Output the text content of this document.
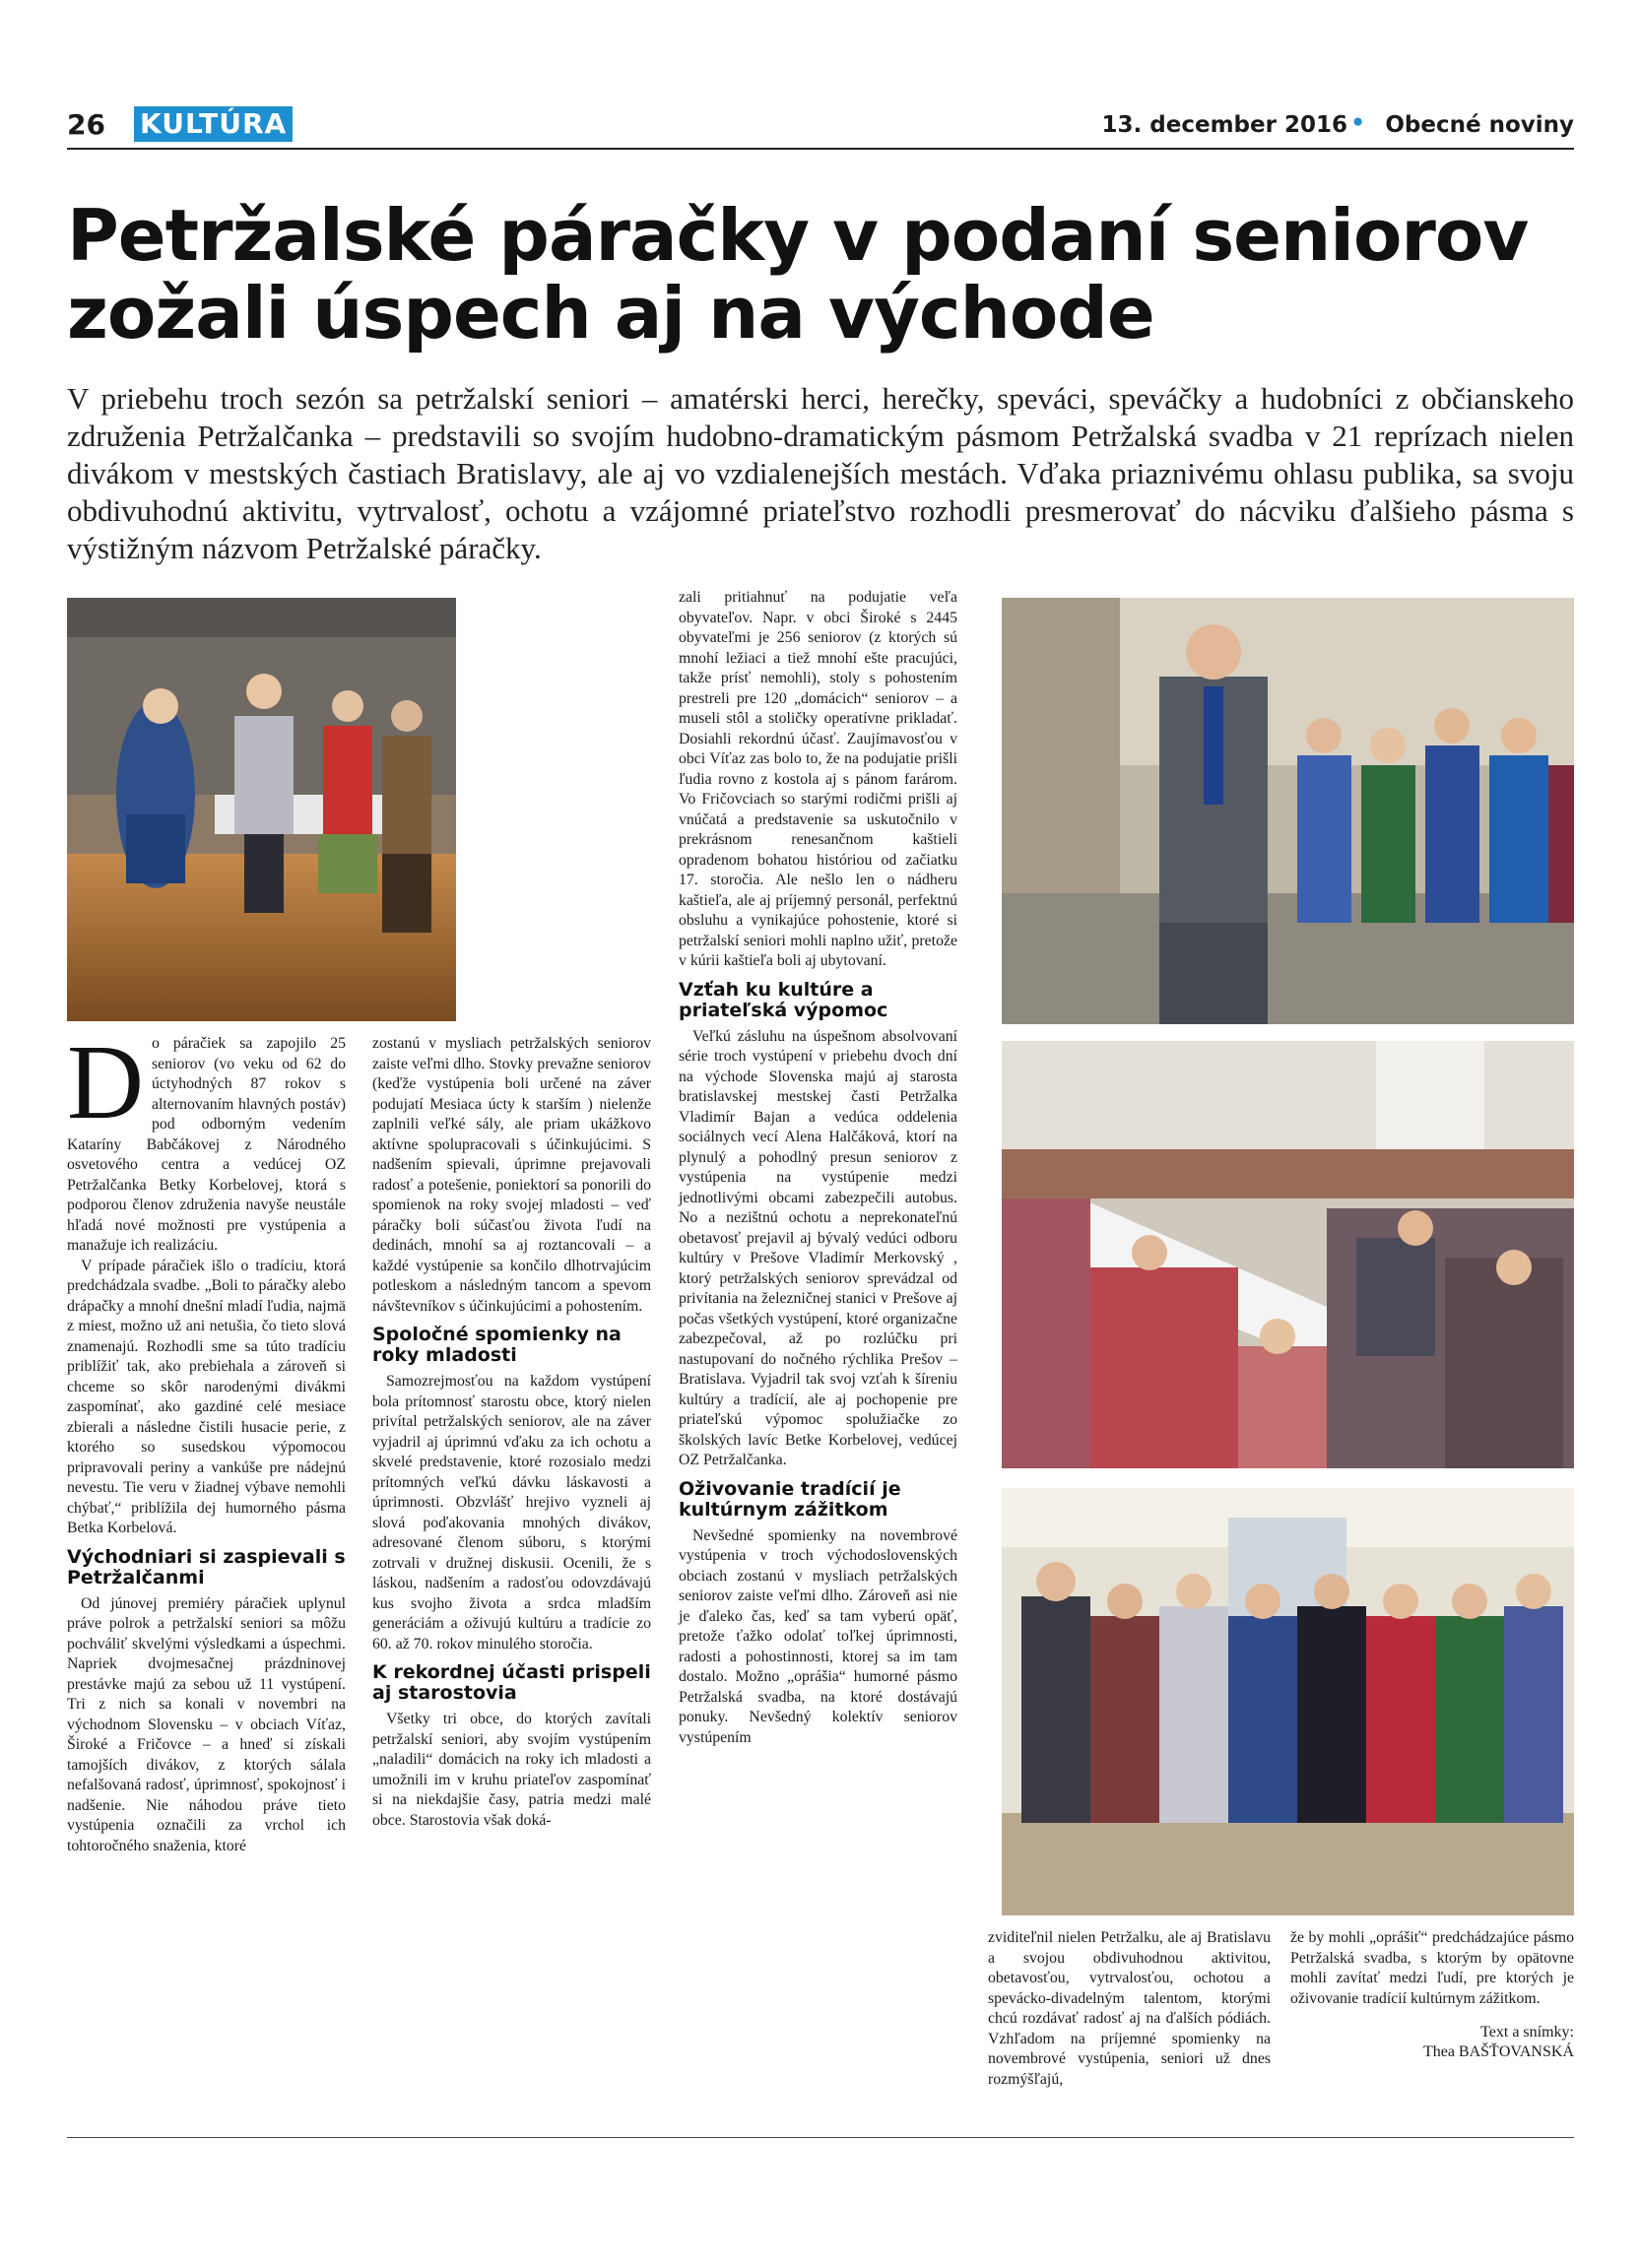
26 KULTÚRA	13. december 2016 • Obecné noviny
Petržalské páračky v podaní seniorov
zožali úspech aj na východe

V priebehu troch sezón sa petržalskí seniori – amatérski herci, herečky, speváci, speváčky a hudobníci z občianskeho združenia Petržalčanka – predstavili so svojím hudobno-dramatickým pásmom Petržalská svadba v 21 reprízach nielen divákom v mestských častiach Bratislavy, ale aj vo vzdialenejších mestách. Vďaka priaznivému ohlasu publika, sa svoju obdivuhodnú aktivitu, vytrvalosť, ochotu a vzájomné priateľstvo rozhodli presmerovať do nácviku ďalšieho pásma s výstižným názvom Petržalské páračky.

D o páračiek sa zapojilo 25 seniorov (vo veku od 62 do úctyhodných 87 rokov s alternovaním hlavných postáv) pod odborným vedením Kataríny Babčákovej z Národného osvetového centra a vedúcej OZ Petržalčanka Betky Korbelovej, ktorá s podporou členov združenia navyše neustále hľadá nové možnosti pre vystúpenia a manažuje ich realizáciu.

V prípade páračiek išlo o tradíciu, ktorá predchádzala svadbe. „Boli to páračky alebo drápačky a mnohí dnešní mladí ľudia, najmä z miest, možno už ani netušia, čo tieto slová znamenajú. Rozhodli sme sa túto tradíciu priblížiť tak, ako prebiehala a zároveň si chceme so skôr narodenými divákmi zaspomínať, ako gazdiné celé mesiace zbierali a následne čistili husacie perie, z ktorého so susedskou výpomocou pripravovali periny a vankúše pre nádejnú nevestu. Tie veru v žiadnej výbave nemohli chýbať,“ priblížila dej humorného pásma Betka Korbelová.

Východniari si zaspievali s Petržalčanmi

Od júnovej premiéry páračiek uplynul práve polrok a petržalskí seniori sa môžu pochváliť skvelými výsledkami a úspechmi. Napriek dvojmesačnej prázdninovej prestávke majú za sebou už 11 vystúpení. Tri z nich sa konali v novembri na východnom Slovensku – v obciach Víťaz, Široké a Fričovce – a hneď si získali tamojších divákov, z ktorých sálala nefalšovaná radosť, úprimnosť, spokojnosť i nadšenie. Nie náhodou práve tieto vystúpenia označili za vrchol ich tohtoročného snaženia, ktoré

zostanú v mysliach petržalských seniorov zaiste veľmi dlho. Stovky prevažne seniorov (keďže vystúpenia boli určené na záver podujatí Mesiaca úcty k starším ) nielenže zaplnili veľké sály, ale priam ukážkovo aktívne spolupracovali s účinkujúcimi. S nadšením spievali, úprimne prejavovali radosť a potešenie, poniektorí sa ponorili do spomienok na roky svojej mladosti – veď páračky boli súčasťou života ľudí na dedinách, mnohí sa aj roztancovali – a každé vystúpenie sa končilo dlhotrvajúcim potleskom a následným tancom a spevom návštevníkov s účinkujúcimi a pohostením.

Spoločné spomienky na roky mladosti

Samozrejmosťou na každom vystúpení bola prítomnosť starostu obce, ktorý nielen privítal petržalských seniorov, ale na záver vyjadril aj úprimnú vďaku za ich ochotu a skvelé predstavenie, ktoré rozosialo medzi prítomných veľkú dávku láskavosti a úprimnosti. Obzvlášť hrejivo vyzneli aj slová poďakovania mnohých divákov, adresované členom súboru, s ktorými zotrvali v družnej diskusii. Ocenili, že s láskou, nadšením a radosťou odovzdávajú kus svojho života a srdca mladším generáciám a oživujú kultúru a tradície zo 60. až 70. rokov minulého storočia.

K rekordnej účasti prispeli aj starostovia

Všetky tri obce, do ktorých zavítali petržalskí seniori, aby svojím vystúpením „naladili“ domácich na roky ich mladosti a umožnili im v kruhu priateľov zaspomínať si na niekdajšie časy, patria medzi malé obce. Starostovia však doká-

zali pritiahnuť na podujatie veľa obyvateľov. Napr. v obci Široké s 2445 obyvateľmi je 256 seniorov (z ktorých sú mnohí ležiaci a tiež mnohí ešte pracujúci, takže prísť nemohli), stoly s pohostením prestreli pre 120 „domácich“ seniorov – a museli stôl a stoličky operatívne prikladať. Dosiahli rekordnú účasť. Zaujímavosťou v obci Víťaz zas bolo to, že na podujatie prišli ľudia rovno z kostola aj s pánom farárom. Vo Fričovciach so starými rodičmi prišli aj vnúčatá a predstavenie sa uskutočnilo v prekrásnom renesančnom kaštieli opradenom bohatou históriou od začiatku 17. storočia. Ale nešlo len o nádheru kaštieľa, ale aj príjemný personál, perfektnú obsluhu a vynikajúce pohostenie, ktoré si petržalskí seniori mohli naplno užiť, pretože v kúrii kaštieľa boli aj ubytovaní.

Vzťah ku kultúre a priateľská výpomoc

Veľkú zásluhu na úspešnom absolvovaní série troch vystúpení v priebehu dvoch dní na východe Slovenska majú aj starosta bratislavskej mestskej časti Petržalka Vladimír Bajan a vedúca oddelenia sociálnych vecí Alena Halčáková, ktorí na plynulý a pohodlný presun seniorov z vystúpenia na vystúpenie medzi jednotlivými obcami zabezpečili autobus. No a nezištnú ochotu a neprekonateľnú obetavosť prejavil aj bývalý vedúci odboru kultúry v Prešove Vladimír Merkovský , ktorý petržalských seniorov sprevádzal od privítania na železničnej stanici v Prešove aj počas všetkých vystúpení, ktoré organizačne zabezpečoval, až po rozlúčku pri nastupovaní do nočného rýchlika Prešov – Bratislava. Vyjadril tak svoj vzťah k šíreniu kultúry a tradícií, ale aj pochopenie pre priateľskú výpomoc spolužiačke zo školských lavíc Betke Korbelovej, vedúcej OZ Petržalčanka.

Oživovanie tradícií je kultúrnym zážitkom

Nevšedné spomienky na novembrové vystúpenia v troch východoslovenských obciach zostanú v mysliach petržalských seniorov zaiste veľmi dlho. Zároveň asi nie je ďaleko čas, keď sa tam vyberú opäť, pretože ťažko odolať toľkej úprimnosti, radosti a pohostinnosti, ktorej sa im tam dostalo. Možno „oprášia“ humorné pásmo Petržalská svadba, na ktoré dostávajú ponuky. Nevšedný kolektív seniorov vystúpením

zviditeľnil nielen Petržalku, ale aj Bratislavu a svojou obdivuhodnou aktivitou, obetavosťou, vytrvalosťou, ochotou a spevácko-divadelným talentom, ktorými chcú rozdávať radosť aj na ďalších pódiách. Vzhľadom na príjemné spomienky na novembrové vystúpenia, seniori už dnes rozmýšľajú,

že by mohli „oprášiť“ predchádzajúce pásmo Petržalská svadba, s ktorým by opätovne mohli zavítať medzi ľudí, pre ktorých je oživovanie tradícií kultúrnym zážitkom.

Text a snímky:
Thea BAŠŤOVANSKÁ
